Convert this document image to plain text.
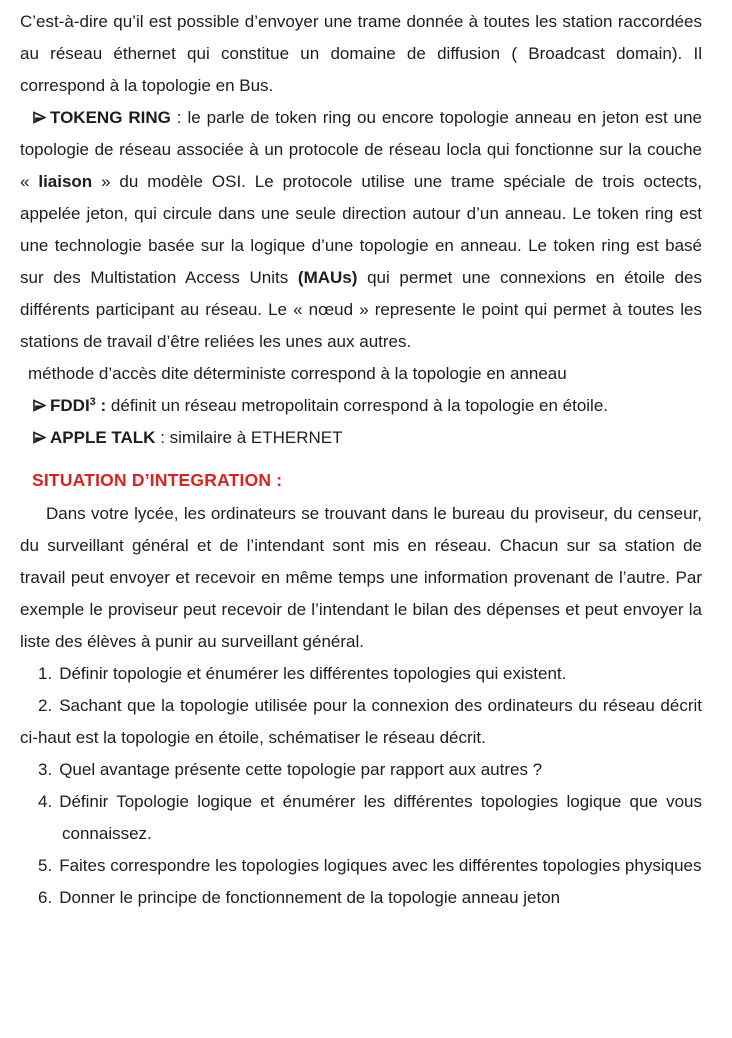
C’est-à-dire qu’il est possible d’envoyer une trame donnée à toutes les station raccordées au réseau éthernet qui constitue un domaine de diffusion ( Broadcast domain). Il correspond à la topologie en Bus.

TOKENG RING : le parle de token ring ou encore topologie anneau en jeton est une topologie de réseau associée à un protocole de réseau locla qui fonctionne sur la couche « liaison » du modèle OSI. Le protocole utilise une trame spéciale de trois octects, appelée jeton, qui circule dans une seule direction autour d’un anneau. Le token ring est une technologie basée sur la logique d’une topologie en anneau. Le token ring est basé sur des Multistation Access Units (MAUs) qui permet une connexions en étoile des différents participant au réseau. Le « nœud » represente le point qui permet à toutes les stations de travail d’être reliées les unes aux autres.

méthode d’accès dite déterministe correspond à la topologie en anneau

FDDI$^3$ : définit un réseau metropolitain correspond à la topologie en étoile.

APPLE TALK : similaire à ETHERNET

SITUATION D’INTEGRATION :

Dans votre lycée, les ordinateurs se trouvant dans le bureau du proviseur, du censeur, du surveillant général et de l’intendant sont mis en réseau. Chacun sur sa station de travail peut envoyer et recevoir en même temps une information provenant de l’autre. Par exemple le proviseur peut recevoir de l’intendant le bilan des dépenses et peut envoyer la liste des élèves à punir au surveillant général.

1. Définir topologie et énumérer les différentes topologies qui existent.

2. Sachant que la topologie utilisée pour la connexion des ordinateurs du réseau décrit ci-haut est la topologie en étoile, schématiser le réseau décrit.

3. Quel avantage présente cette topologie par rapport aux autres ?

4. Définir Topologie logique et énumérer les différentes topologies logique que vous connaissez.

5. Faites correspondre les topologies logiques avec les différentes topologies physiques

6. Donner le principe de fonctionnement de la topologie anneau jeton
